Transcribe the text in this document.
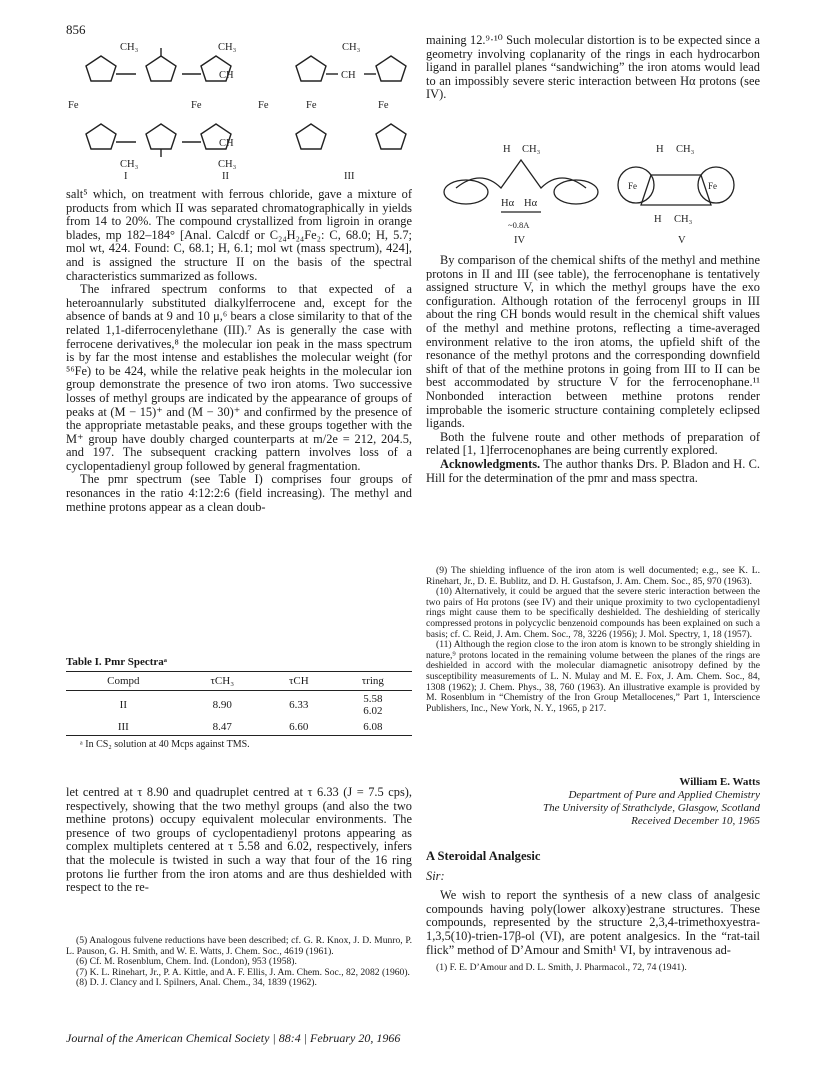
856
CH₃	CH₃	CH₃
Fe	Fe	Fe	Fe	Fe
CH₃	CH₃
CH
CH
CH
I	II	III

salt⁵ which, on treatment with ferrous chloride, gave a mixture of products from which II was separated chromatographically in yields from 14 to 20%. The compound crystallized from ligroin in orange blades, mp 182–184° [Anal. Calcdf or C₂₄H₂₄Fe₂: C, 68.0; H, 5.7; mol wt, 424. Found: C, 68.1; H, 6.1; mol wt (mass spectrum), 424], and is assigned the structure II on the basis of the spectral characteristics summarized as follows.

The infrared spectrum conforms to that expected of a heteroannularly substituted dialkylferrocene and, except for the absence of bands at 9 and 10 μ,⁶ bears a close similarity to that of the related 1,1-diferrocenylethane (III).⁷ As is generally the case with ferrocene derivatives,⁸ the molecular ion peak in the mass spectrum is by far the most intense and establishes the molecular weight (for ⁵⁶Fe) to be 424, while the relative peak heights in the molecular ion group demonstrate the presence of two iron atoms. Two successive losses of methyl groups are indicated by the appearance of groups of peaks at (M − 15)⁺ and (M − 30)⁺ and confirmed by the presence of the appropriate metastable peaks, and these groups together with the M⁺ group have doubly charged counterparts at m/2e = 212, 204.5, and 197. The subsequent cracking pattern involves loss of a cyclopentadienyl group followed by general fragmentation.

The pmr spectrum (see Table I) comprises four groups of resonances in the ratio 4:12:2:6 (field increasing). The methyl and methine protons appear as a clean doub-

Table I. Pmr Spectraᵃ
Compd	τCH₃	τCH	τring
II	8.90	6.33	5.58
6.02
III	8.47	6.60	6.08
ᵃ In CS₂ solution at 40 Mcps against TMS.

let centred at τ 8.90 and quadruplet centred at τ 6.33 (J = 7.5 cps), respectively, showing that the two methyl groups (and also the two methine protons) occupy equivalent molecular environments. The presence of two groups of cyclopentadienyl protons appearing as complex multiplets centered at τ 5.58 and 6.02, respectively, infers that the molecule is twisted in such a way that four of the 16 ring protons lie further from the iron atoms and are thus deshielded with respect to the re-

(5) Analogous fulvene reductions have been described; cf. G. R. Knox, J. D. Munro, P. L. Pauson, G. H. Smith, and W. E. Watts, J. Chem. Soc., 4619 (1961).

(6) Cf. M. Rosenblum, Chem. Ind. (London), 953 (1958).

(7) K. L. Rinehart, Jr., P. A. Kittle, and A. F. Ellis, J. Am. Chem. Soc., 82, 2082 (1960).

(8) D. J. Clancy and I. Spilners, Anal. Chem., 34, 1839 (1962).

maining 12.⁹·¹⁰ Such molecular distortion is to be expected since a geometry involving coplanarity of the rings in each hydrocarbon ligand in parallel planes “sandwiching” the iron atoms would lead to an impossibly severe steric interaction between Hα protons (see IV).

H CH₃	H CH₃
Hα Hα
~0.8A
IV
Fe	Fe
H CH₃
V

By comparison of the chemical shifts of the methyl and methine protons in II and III (see table), the ferrocenophane is tentatively assigned structure V, in which the methyl groups have the exo configuration. Although rotation of the ferrocenyl groups in III about the ring CH bonds would result in the chemical shift values of the methyl and methine protons, reflecting a time-averaged environment relative to the iron atoms, the upfield shift of the resonance of the methyl protons and the corresponding downfield shift of that of the methine protons in going from III to II can be best accommodated by structure V for the ferrocenophane.¹¹ Nonbonded interaction between methine protons render improbable the isomeric structure containing completely eclipsed ligands.

Both the fulvene route and other methods of preparation of related [1, 1]ferrocenophanes are being currently explored.

Acknowledgments. The author thanks Drs. P. Bladon and H. C. Hill for the determination of the pmr and mass spectra.

(9) The shielding influence of the iron atom is well documented; e.g., see K. L. Rinehart, Jr., D. E. Bublitz, and D. H. Gustafson, J. Am. Chem. Soc., 85, 970 (1963).

(10) Alternatively, it could be argued that the severe steric interaction between the two pairs of Hα protons (see IV) and their unique proximity to two cyclopentadienyl rings might cause them to be specifically deshielded. The deshielding of sterically compressed protons in polycyclic benzenoid compounds has been explained on such a basis; cf. C. Reid, J. Am. Chem. Soc., 78, 3226 (1956); J. Mol. Spectry, 1, 18 (1957).

(11) Although the region close to the iron atom is known to be strongly shielding in nature,⁹ protons located in the remaining volume between the planes of the rings are deshielded in accord with the molecular diamagnetic anisotropy defined by the susceptibility measurements of L. N. Mulay and M. E. Fox, J. Am. Chem. Soc., 84, 1308 (1962); J. Chem. Phys., 38, 760 (1963). An illustrative example is provided by M. Rosenblum in “Chemistry of the Iron Group Metallocenes,” Part 1, Interscience Publishers, Inc., New York, N. Y., 1965, p 217.

William E. Watts
Department of Pure and Applied Chemistry
The University of Strathclyde, Glasgow, Scotland
Received December 10, 1965
A Steroidal Analgesic
Sir:

We wish to report the synthesis of a new class of analgesic compounds having poly(lower alkoxy)estrane structures. These compounds, represented by the structure 2,3,4-trimethoxyestra-1,3,5(10)-trien-17β-ol (VI), are potent analgesics. In the “rat-tail flick” method of D’Amour and Smith¹ VI, by intravenous ad-

(1) F. E. D’Amour and D. L. Smith, J. Pharmacol., 72, 74 (1941).
Journal of the American Chemical Society | 88:4 | February 20, 1966
